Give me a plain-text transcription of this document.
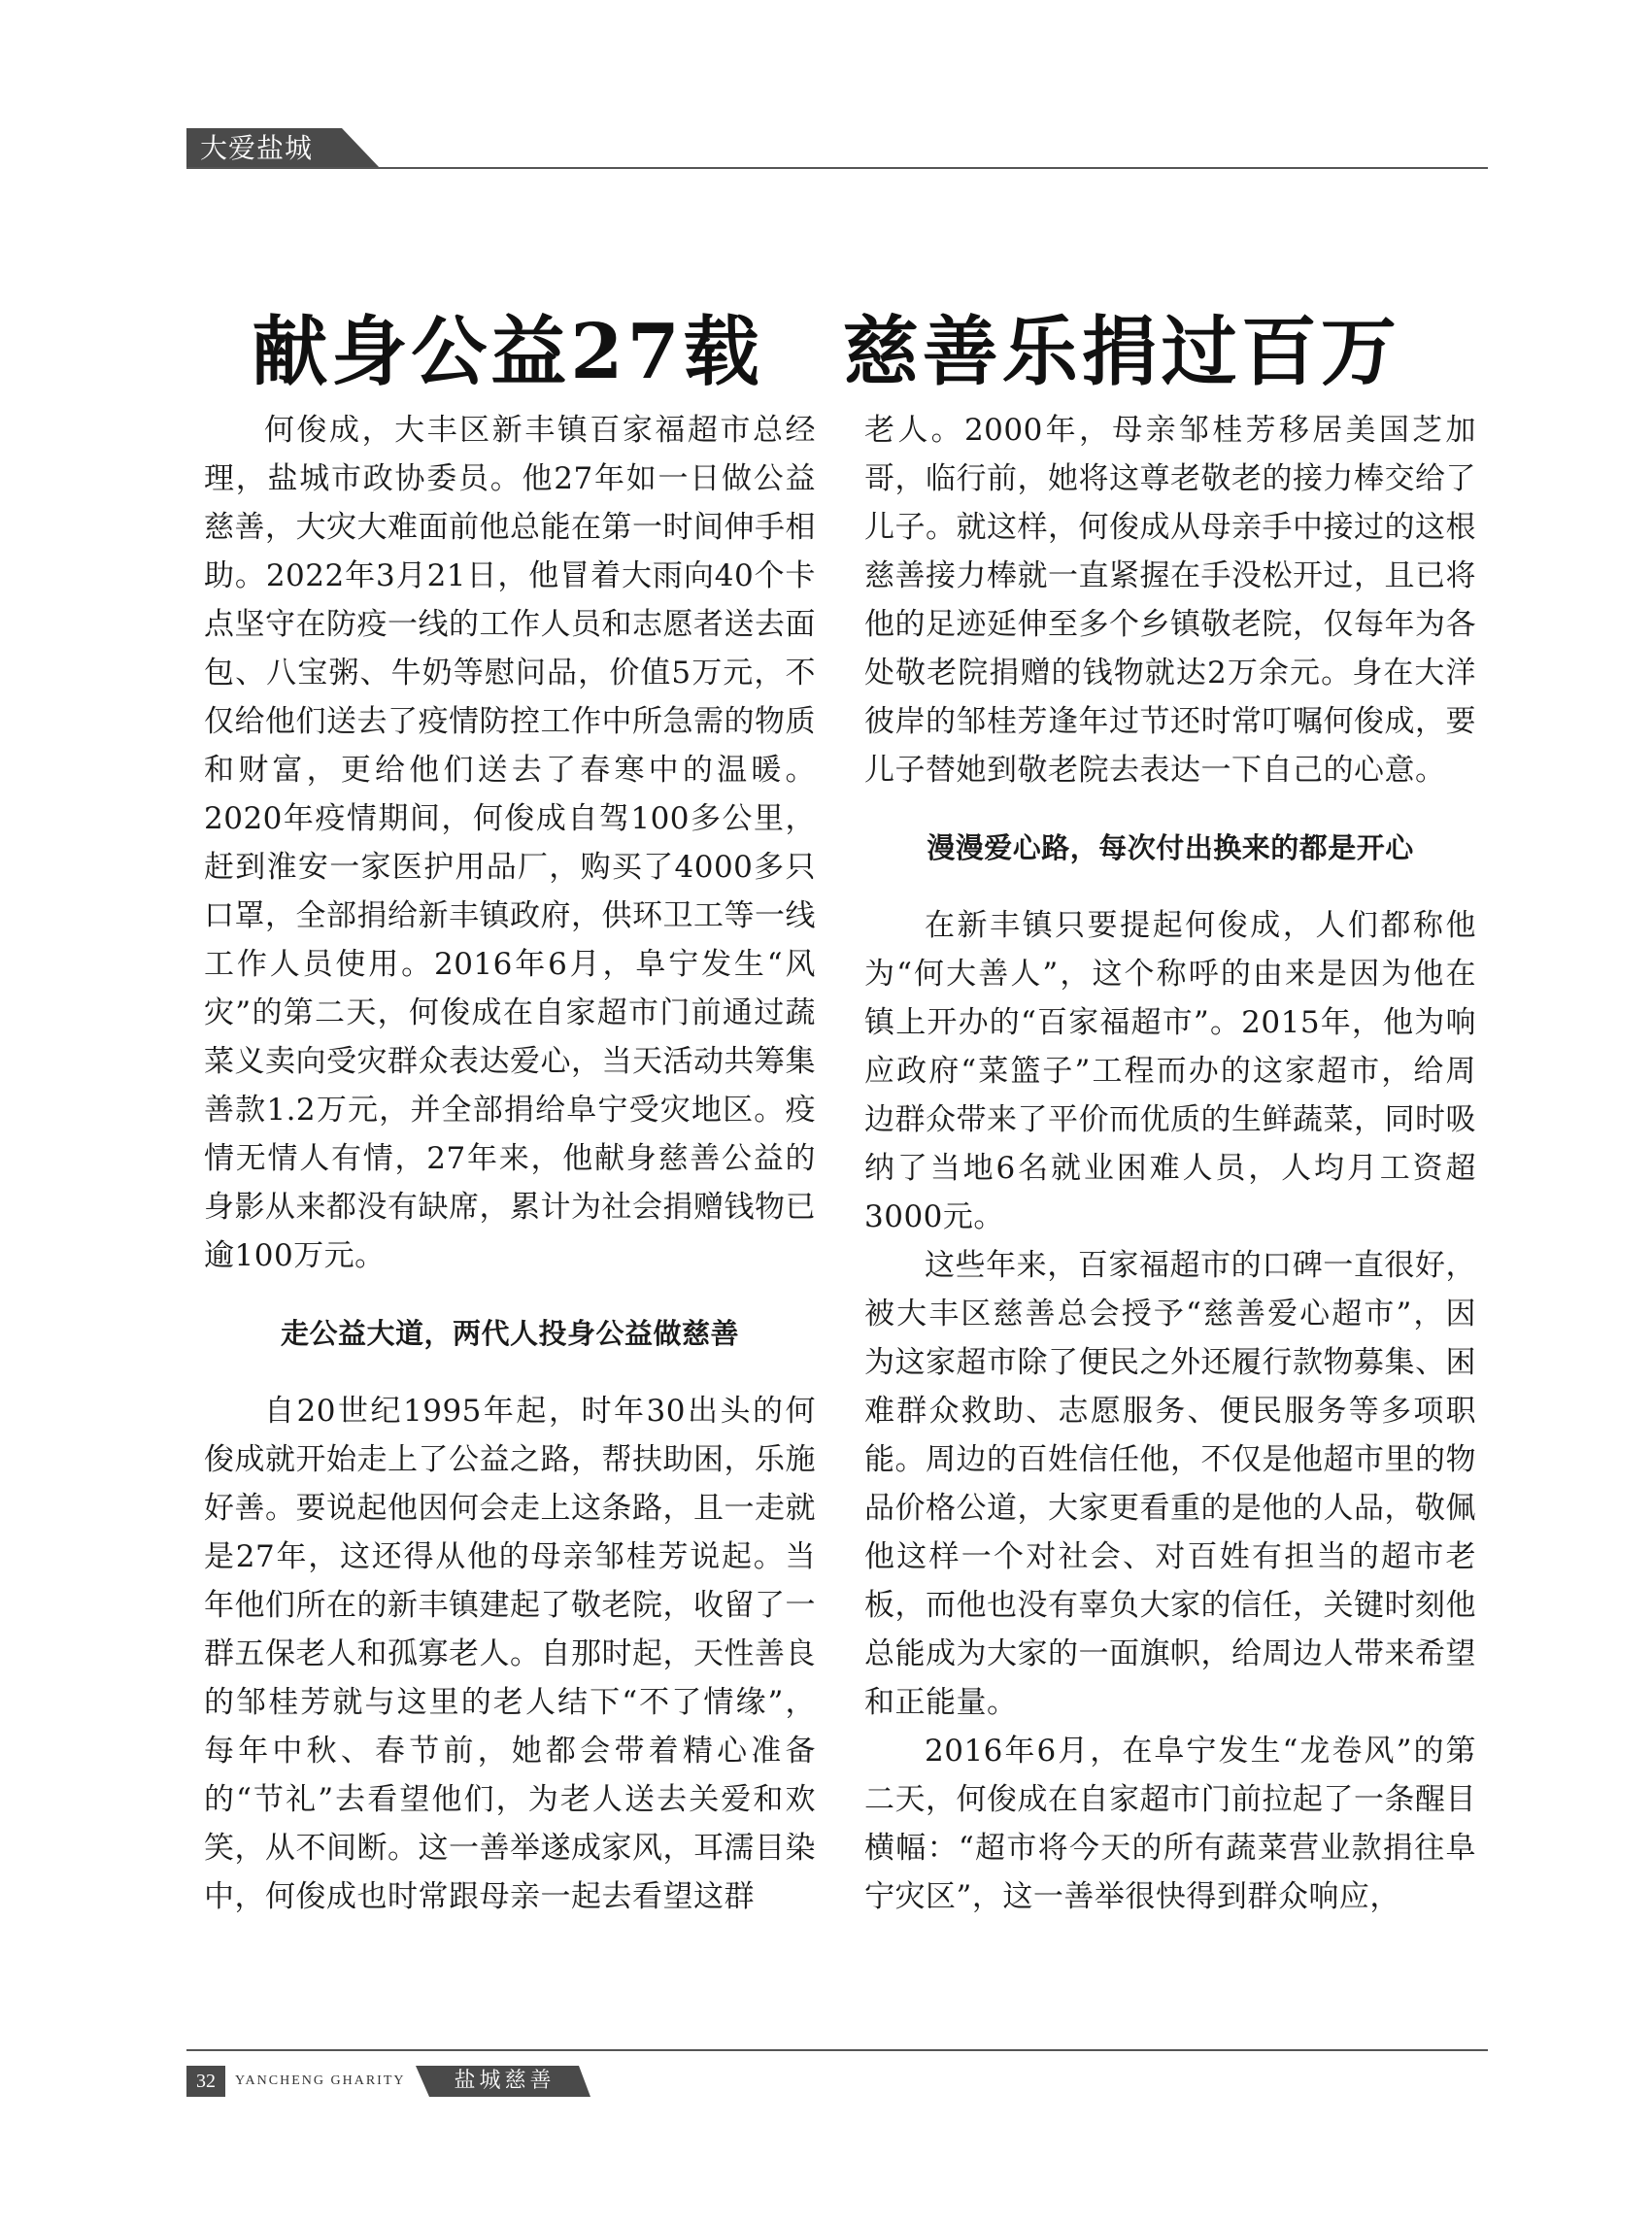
大爱盐城
献身公益27载　慈善乐捐过百万

何俊成，大丰区新丰镇百家福超市总经理，盐城市政协委员。他27年如一日做公益慈善，大灾大难面前他总能在第一时间伸手相助。2022年3月21日，他冒着大雨向40个卡点坚守在防疫一线的工作人员和志愿者送去面包、八宝粥、牛奶等慰问品，价值5万元，不仅给他们送去了疫情防控工作中所急需的物质和财富，更给他们送去了春寒中的温暖。2020年疫情期间，何俊成自驾100多公里，赶到淮安一家医护用品厂，购买了4000多只口罩，全部捐给新丰镇政府，供环卫工等一线工作人员使用。2016年6月，阜宁发生“风灾”的第二天，何俊成在自家超市门前通过蔬菜义卖向受灾群众表达爱心，当天活动共筹集善款1.2万元，并全部捐给阜宁受灾地区。疫情无情人有情，27年来，他献身慈善公益的身影从来都没有缺席，累计为社会捐赠钱物已逾100万元。

走公益大道，两代人投身公益做慈善

自20世纪1995年起，时年30出头的何俊成就开始走上了公益之路，帮扶助困，乐施好善。要说起他因何会走上这条路，且一走就是27年，这还得从他的母亲邹桂芳说起。当年他们所在的新丰镇建起了敬老院，收留了一群五保老人和孤寡老人。自那时起，天性善良的邹桂芳就与这里的老人结下“不了情缘”，每年中秋、春节前，她都会带着精心准备的“节礼”去看望他们，为老人送去关爱和欢笑，从不间断。这一善举遂成家风，耳濡目染中，何俊成也时常跟母亲一起去看望这群

老人。2000年，母亲邹桂芳移居美国芝加哥，临行前，她将这尊老敬老的接力棒交给了儿子。就这样，何俊成从母亲手中接过的这根慈善接力棒就一直紧握在手没松开过，且已将他的足迹延伸至多个乡镇敬老院，仅每年为各处敬老院捐赠的钱物就达2万余元。身在大洋彼岸的邹桂芳逢年过节还时常叮嘱何俊成，要儿子替她到敬老院去表达一下自己的心意。

漫漫爱心路，每次付出换来的都是开心

在新丰镇只要提起何俊成，人们都称他为“何大善人”，这个称呼的由来是因为他在镇上开办的“百家福超市”。2015年，他为响应政府“菜篮子”工程而办的这家超市，给周边群众带来了平价而优质的生鲜蔬菜，同时吸纳了当地6名就业困难人员，人均月工资超3000元。

这些年来，百家福超市的口碑一直很好，被大丰区慈善总会授予“慈善爱心超市”，因为这家超市除了便民之外还履行款物募集、困难群众救助、志愿服务、便民服务等多项职能。周边的百姓信任他，不仅是他超市里的物品价格公道，大家更看重的是他的人品，敬佩他这样一个对社会、对百姓有担当的超市老板，而他也没有辜负大家的信任，关键时刻他总能成为大家的一面旗帜，给周边人带来希望和正能量。

2016年6月，在阜宁发生“龙卷风”的第二天，何俊成在自家超市门前拉起了一条醒目横幅：“超市将今天的所有蔬菜营业款捐往阜宁灾区”，这一善举很快得到群众响应，

32	YANCHENG GHARITY	盐城慈善
